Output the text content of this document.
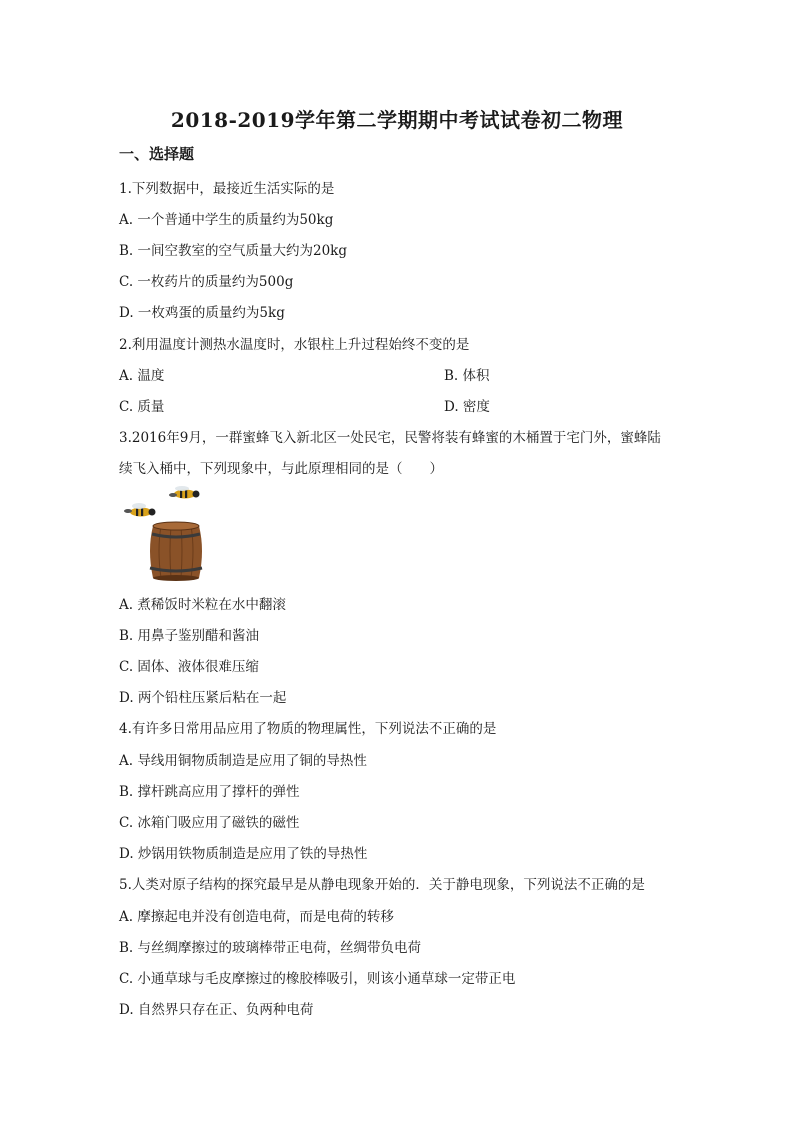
2018-2019学年第二学期期中考试试卷初二物理
一、选择题
1.下列数据中，最接近生活实际的是
A. 一个普通中学生的质量约为50kg
B. 一间空教室的空气质量大约为20kg
C. 一枚药片的质量约为500g
D. 一枚鸡蛋的质量约为5kg
2.利用温度计测热水温度时，水银柱上升过程始终不变的是
A. 温度	B. 体积
C. 质量	D. 密度
3.2016年9月，一群蜜蜂飞入新北区一处民宅，民警将装有蜂蜜的木桶置于宅门外，蜜蜂陆
续飞入桶中，下列现象中，与此原理相同的是（　　）
A. 煮稀饭时米粒在水中翻滚
B. 用鼻子鉴别醋和酱油
C. 固体、液体很难压缩
D. 两个铅柱压紧后粘在一起
4.有许多日常用品应用了物质的物理属性，下列说法不正确的是
A. 导线用铜物质制造是应用了铜的导热性
B. 撑杆跳高应用了撑杆的弹性
C. 冰箱门吸应用了磁铁的磁性
D. 炒锅用铁物质制造是应用了铁的导热性
5.人类对原子结构的探究最早是从静电现象开始的．关于静电现象，下列说法不正确的是
A. 摩擦起电并没有创造电荷，而是电荷的转移
B. 与丝绸摩擦过的玻璃棒带正电荷，丝绸带负电荷
C. 小通草球与毛皮摩擦过的橡胶棒吸引，则该小通草球一定带正电
D. 自然界只存在正、负两种电荷
